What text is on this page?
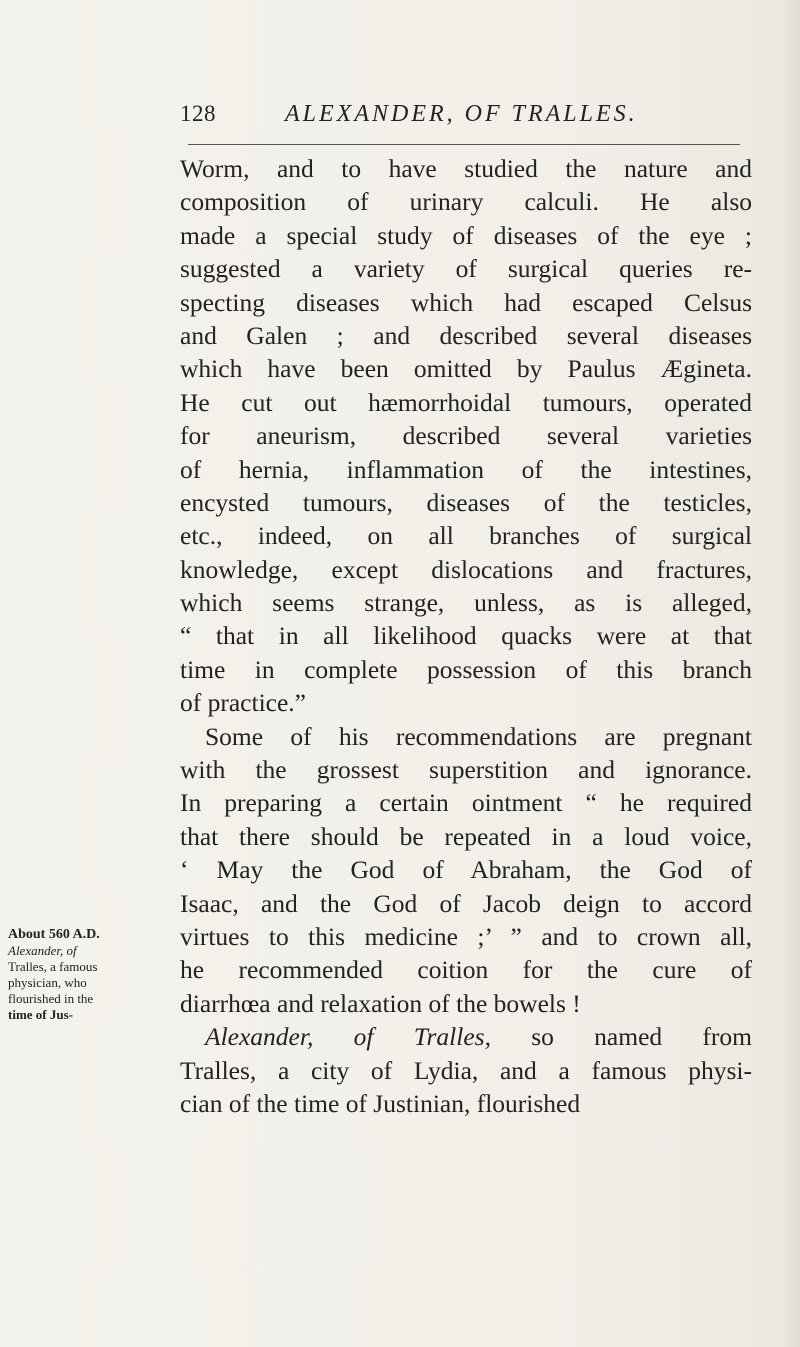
128	ALEXANDER, OF TRALLES.
Worm, and to have studied the nature and
composition of urinary calculi. He also
made a special study of diseases of the eye ;
suggested a variety of surgical queries re-
specting diseases which had escaped Celsus
and Galen ; and described several diseases
which have been omitted by Paulus Ægineta.
He cut out hæmorrhoidal tumours, operated
for aneurism, described several varieties
of hernia, inflammation of the intestines,
encysted tumours, diseases of the testicles,
etc., indeed, on all branches of surgical
knowledge, except dislocations and fractures,
which seems strange, unless, as is alleged,
“ that in all likelihood quacks were at that
time in complete possession of this branch
of practice.”
Some of his recommendations are pregnant
with the grossest superstition and ignorance.
In preparing a certain ointment “ he required
that there should be repeated in a loud voice,
‘ May the God of Abraham, the God of
Isaac, and the God of Jacob deign to accord
virtues to this medicine ;’ ” and to crown all,
he recommended coition for the cure of
diarrhœa and relaxation of the bowels !
Alexander, of Tralles, so named from
Tralles, a city of Lydia, and a famous physi-
cian of the time of Justinian, flourished
About 560 A.D.
Alexander, of
Tralles, a famous
physician, who
flourished in the
time of Jus-
